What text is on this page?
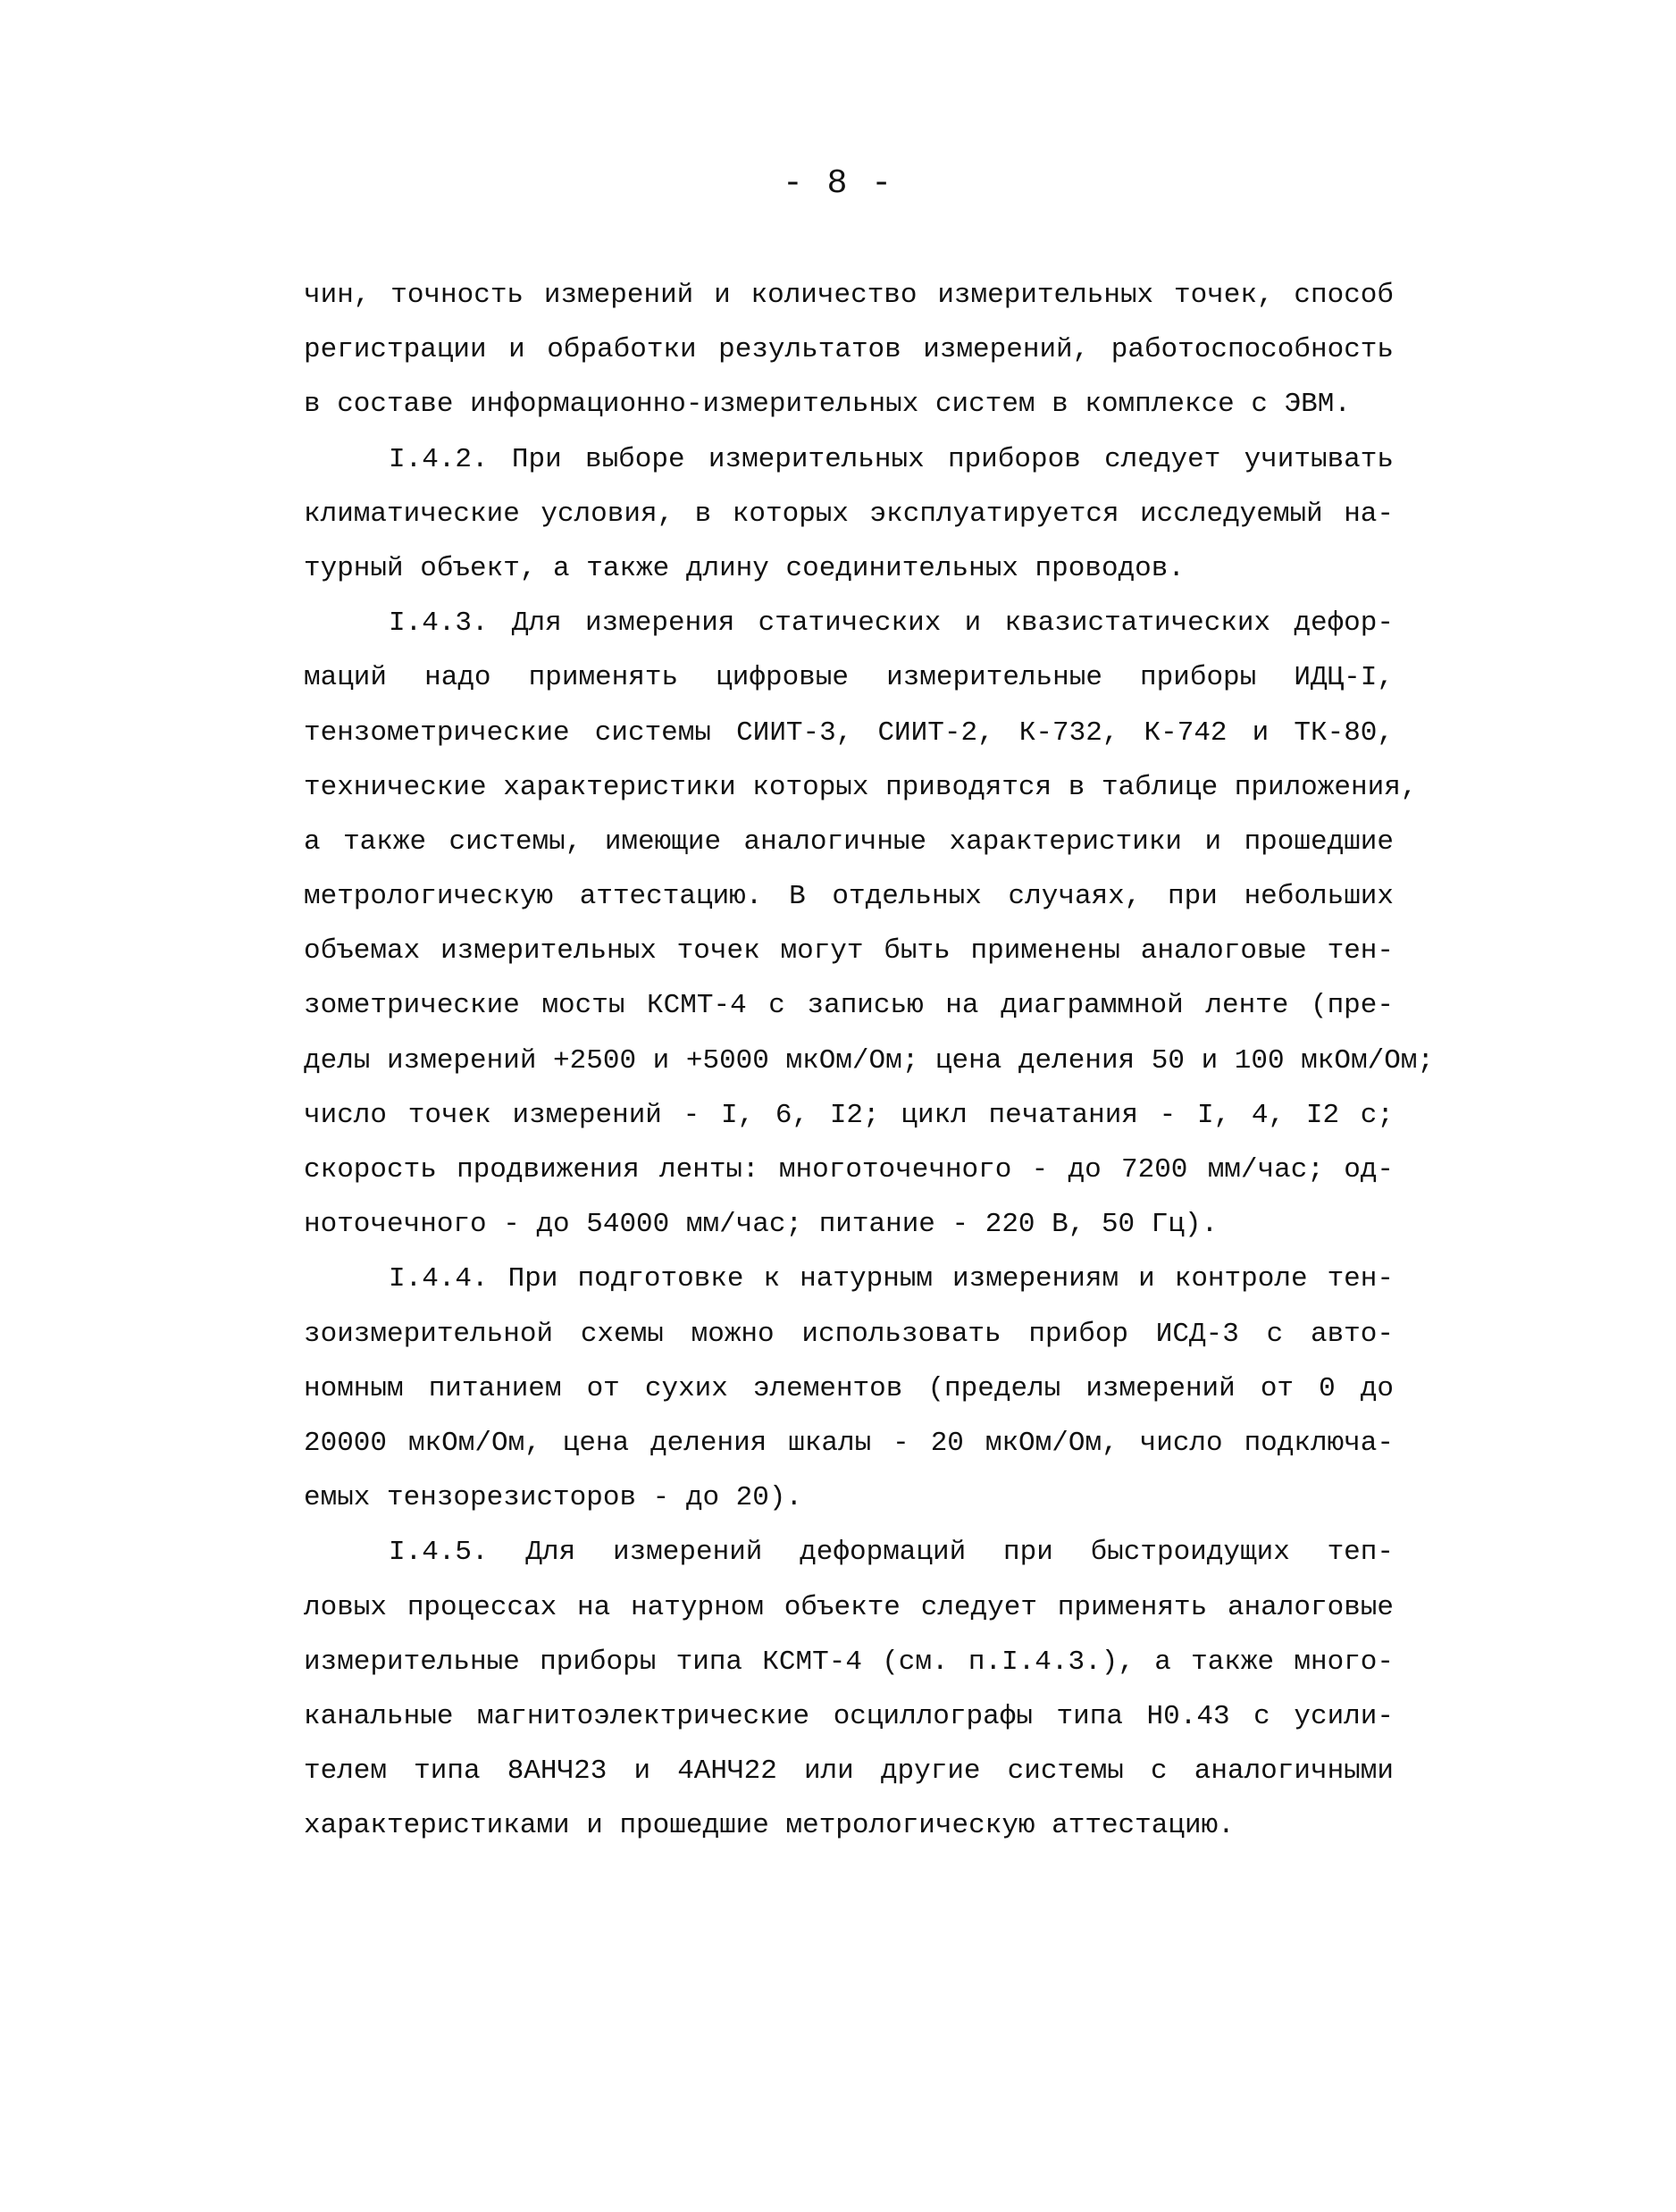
- 8 -
чин, точность измерений и количество измерительных точек, способ
регистрации и обработки результатов измерений, работоспособность
в составе информационно-измерительных систем в комплексе с ЭВМ.
I.4.2. При выборе измерительных приборов следует учитывать
климатические условия, в которых эксплуатируется исследуемый на-
турный объект, а также длину соединительных проводов.
I.4.3. Для измерения статических и квазистатических дефор-
маций надо применять цифровые измерительные приборы ИДЦ-I,
тензометрические системы СИИТ-3, СИИТ-2, К-732, К-742 и ТК-80,
технические характеристики которых приводятся в таблице приложения,
а также системы, имеющие аналогичные характеристики и прошедшие
метрологическую аттестацию. В отдельных случаях, при небольших
объемах измерительных точек могут быть применены аналоговые тен-
зометрические мосты КСМТ-4 с записью на диаграммной ленте (пре-
делы измерений +2500 и +5000 мкОм/Ом; цена деления 50 и 100 мкОм/Ом;
число точек измерений - I, 6, I2; цикл печатания - I, 4, I2 с;
скорость продвижения ленты: многоточечного - до 7200 мм/час; од-
ноточечного - до 54000 мм/час; питание - 220 В, 50 Гц).
I.4.4. При подготовке к натурным измерениям и контроле тен-
зоизмерительной схемы можно использовать прибор ИСД-3 с авто-
номным питанием от сухих элементов (пределы измерений от 0 до
20000 мкОм/Ом, цена деления шкалы - 20 мкОм/Ом, число подключа-
емых тензорезисторов - до 20).
I.4.5. Для измерений деформаций при быстроидущих теп-
ловых процессах на натурном объекте следует применять аналоговые
измерительные приборы типа КСМТ-4 (см. п.I.4.3.), а также много-
канальные магнитоэлектрические осциллографы типа Н0.43 с усили-
телем типа 8АНЧ23 и 4АНЧ22 или другие системы с аналогичными
характеристиками и прошедшие метрологическую аттестацию.
